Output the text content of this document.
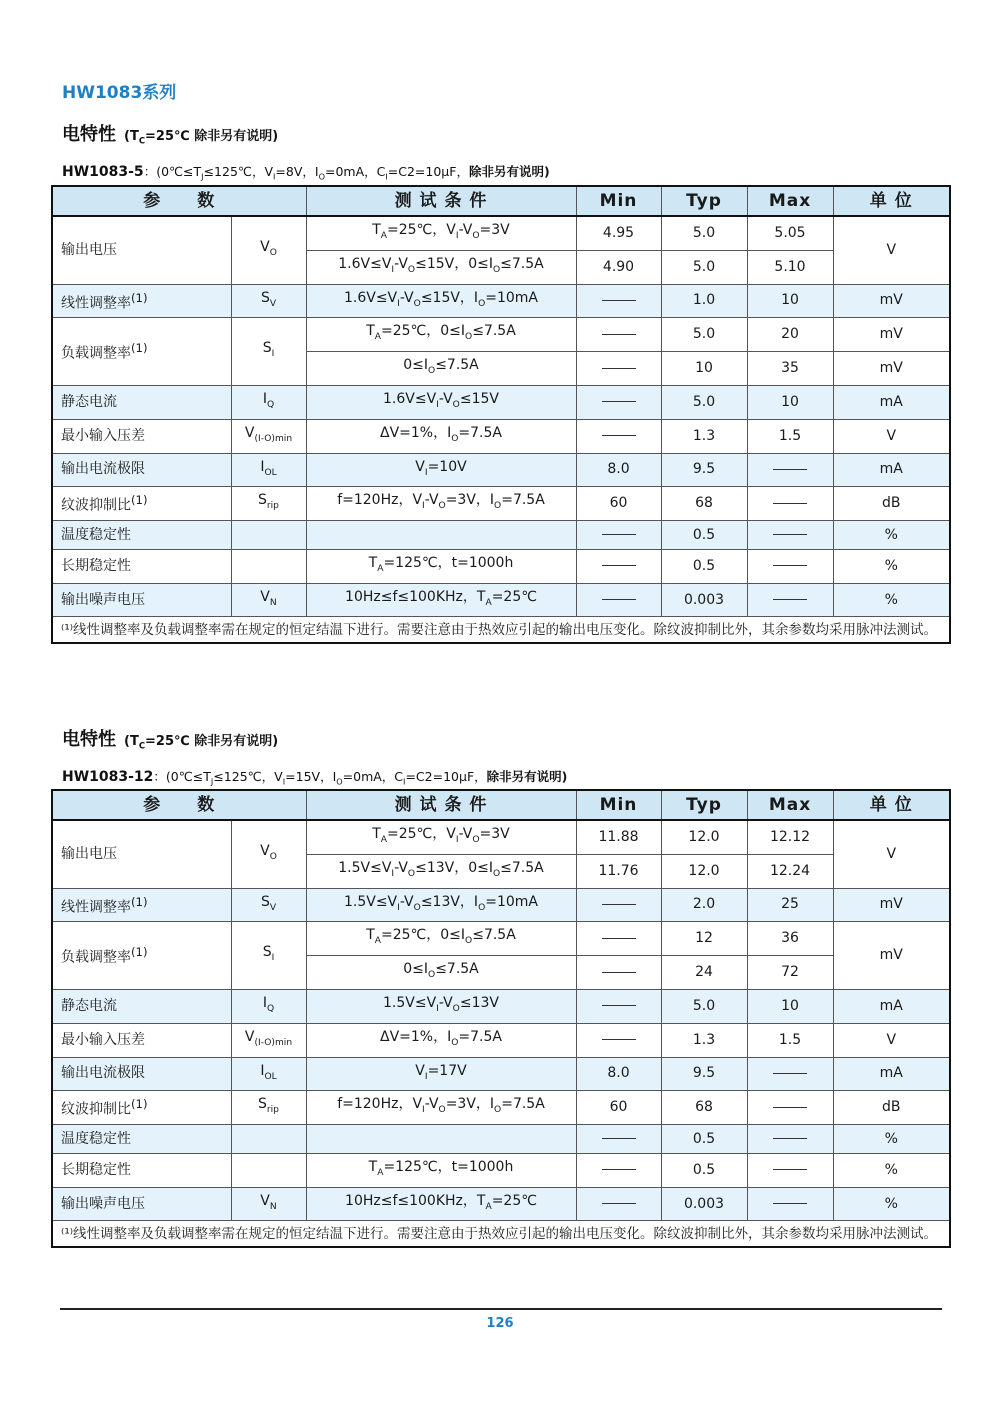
HW1083系列
电特性 ($T_C=25℃$ 除非另有说明)
HW1083-5：($0℃\le T_J\le 125℃$，$V_I=8V$，$I_O=0mA$，$C_I=C2=10\mu F$，除非另有说明)
参　　数		测 试 条 件	Min	Typ	Max	单 位
输出电压	$V_O$	$T_A=25℃$，$V_I-V_O=3V$	4.95	5.0	5.05	V
		$1.6V\le V_I-V_O\le 15V$，$0\le I_O\le 7.5A$	4.90	5.0	5.10	
线性调整率$^{(1)}$	$S_V$	$1.6V\le V_I-V_O\le 15V$，$I_O=10mA$		1.0	10	mV
负载调整率$^{(1)}$	$S_I$	$T_A=25℃$，$0\le I_O\le 7.5A$		5.0	20	mV
		$0\le I_O\le 7.5A$		10	35	mV
静态电流	$I_Q$	$1.6V\le V_I-V_O\le 15V$		5.0	10	mA
最小输入压差	$V_{(I-O)min}$	ΔV=1%，$I_O=7.5A$		1.3	1.5	V
输出电流极限	$I_{OL}$	$V_I=10V$	8.0	9.5		mA
纹波抑制比$^{(1)}$	$S_{rip}$	f=120Hz，$V_I-V_O=3V$，$I_O=7.5A$	60	68		dB
温度稳定性				0.5		%
长期稳定性		$T_A=125℃$，t=1000h		0.5		%
输出噪声电压	$V_N$	10Hz≤f≤100KHz，$T_A=25℃$		0.003		%
⁽¹⁾线性调整率及负载调整率需在规定的恒定结温下进行。需要注意由于热效应引起的输出电压变化。除纹波抑制比外，其余参数均采用脉冲法测试。						
电特性 ($T_C=25℃$ 除非另有说明)
HW1083-12：($0℃\le T_J\le 125℃$，$V_I=15V$，$I_O=0mA$，$C_I=C2=10\mu F$，除非另有说明)
参　　数		测 试 条 件	Min	Typ	Max	单 位
输出电压	$V_O$	$T_A=25℃$，$V_I-V_O=3V$	11.88	12.0	12.12	V
		$1.5V\le V_I-V_O\le 13V$，$0\le I_O\le 7.5A$	11.76	12.0	12.24	
线性调整率$^{(1)}$	$S_V$	$1.5V\le V_I-V_O\le 13V$，$I_O=10mA$		2.0	25	mV
负载调整率$^{(1)}$	$S_I$	$T_A=25℃$，$0\le I_O\le 7.5A$		12	36	mV
		$0\le I_O\le 7.5A$		24	72	
静态电流	$I_Q$	$1.5V\le V_I-V_O\le 13V$		5.0	10	mA
最小输入压差	$V_{(I-O)min}$	ΔV=1%，$I_O=7.5A$		1.3	1.5	V
输出电流极限	$I_{OL}$	$V_I=17V$	8.0	9.5		mA
纹波抑制比$^{(1)}$	$S_{rip}$	f=120Hz，$V_I-V_O=3V$，$I_O=7.5A$	60	68		dB
温度稳定性				0.5		%
长期稳定性		$T_A=125℃$，t=1000h		0.5		%
输出噪声电压	$V_N$	10Hz≤f≤100KHz，$T_A=25℃$		0.003		%
⁽¹⁾线性调整率及负载调整率需在规定的恒定结温下进行。需要注意由于热效应引起的输出电压变化。除纹波抑制比外，其余参数均采用脉冲法测试。						
126
